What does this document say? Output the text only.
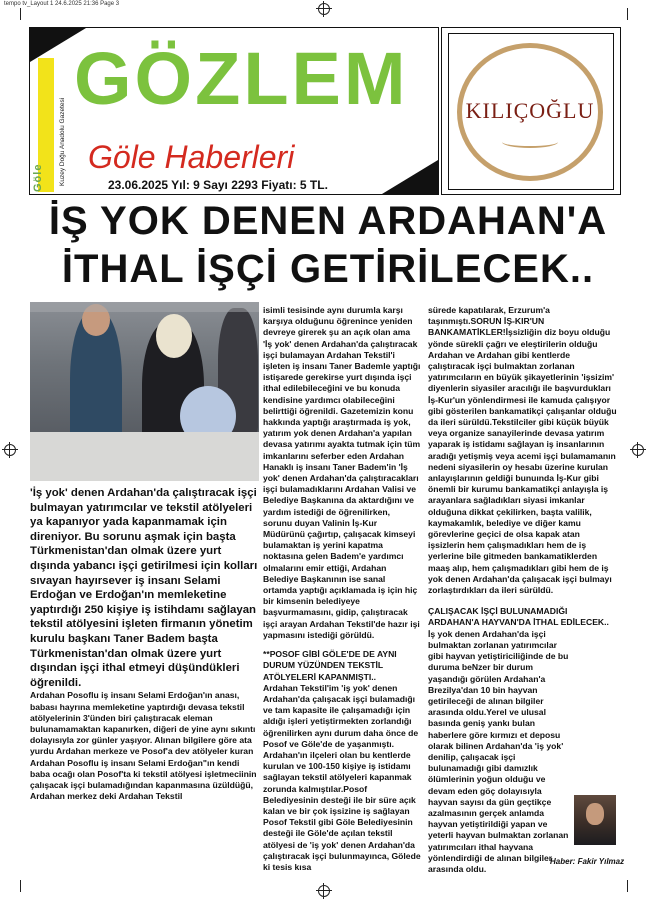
tempo tv_Layout 1 24.6.2025 21:36 Page 3
Göle Kuzey Doğu Anadolu Gazetesi
GÖZLEM
Göle Haberleri
23.06.2025 Yıl: 9 Sayı 2293 Fiyatı: 5 TL.
KILIÇOĞLU
İŞ YOK DENEN ARDAHAN'A
İTHAL İŞÇİ GETİRİLECEK..

'İş yok' denen Ardahan'da çalıştıracak işçi bulmayan yatırımcılar ve tekstil atölyeleri ya kapanıyor yada kapanmamak için direniyor. Bu sorunu aşmak için başta Türkmenistan'dan olmak üzere yurt dışında yabancı işçi getirilmesi için kolları sıvayan hayırsever iş insanı Selami Erdoğan ve Erdoğan'ın memleketine yaptırdığı 250 kişiye iş istihdamı sağlayan tekstil atölyesini işleten firmanın yönetim kurulu başkanı Taner Badem başta Türkmenistan'dan olmak üzere yurt dışından işçi ithal etmeyi düşündükleri öğrenildi.

Ardahan Posoflu iş insanı Selami Erdoğan'ın anası, babası hayrına memleketine yaptırdığı devasa tekstil atölyelerinin 3'ünden biri çalıştıracak eleman bulunamamaktan kapanırken, diğeri de yine aynı sıkıntı dolayısıyla zor günler yaşıyor. Alınan bilgilere göre ata yurdu Ardahan merkeze ve Posof'a dev atölyeler kuran Ardahan Posoflu iş insanı Selami Erdoğan"ın kendi baba ocağı olan Posof'ta ki tekstil atölyesi işletmeciinin çalışacak işçi bulamadığından kapanmasına üzüldüğü, Ardahan merkez deki Ardahan Tekstil

isimli tesisinde aynı durumla karşı karşıya olduğunu öğrenince yeniden devreye girerek şu an açık olan ama 'İş yok' denen Ardahan'da çalıştıracak işçi bulamayan Ardahan Tekstil'i işleten iş insanı Taner Bademle yaptığı istişarede gerekirse yurt dışında işçi ithal edilebileceğini ve bu konuda kendisine yardımcı olabileceğini belirttiği öğrenildi. Gazetemizin konu hakkında yaptığı araştırmada iş yok, yatırım yok denen Ardahan'a yapılan devasa yatırımı ayakta tutmak için tüm imkanlarını seferber eden Ardahan Hanaklı iş insanı Taner Badem'in 'İş yok' denen Ardahan'da çalıştıracakları işçi bulamadıklarını Ardahan Valisi ve Belediye Başkanına da aktardığını ve yardım istediği de öğrenilirken, sorunu duyan Valinin İş-Kur Müdürünü çağırtıp, çalışacak kimseyi bulamaktan iş yerini kapatma noktasına gelen Badem'e yardımcı olmalarını emir ettiği, Ardahan Belediye Başkanının ise sanal ortamda yaptığı açıklamada iş için hiç bir kimsenin belediyeye başvurmamasını, gidip, çalıştıracak işçi arayan Ardahan Tekstil'de hazır işi yapmasını istediği görüldü.

**POSOF GİBİ GÖLE'DE DE AYNI DURUM YÜZÜNDEN TEKSTİL ATÖLYELERİ KAPANMIŞTI..

Ardahan Tekstil'im 'iş yok' denen Ardahan'da çalışacak işçi bulamadığı ve tam kapasite ile çalışamadığı için aldığı işleri yetiştirmekten zorlandığı öğrenilirken aynı durum daha önce de Posof ve Göle'de de yaşanmıştı. Ardahan'ın ilçeleri olan bu kentlerde kurulan ve 100-150 kişiye iş istidamı sağlayan tekstil atölyeleri kapanmak zorunda kalmıştılar.Posof Belediyesinin desteği ile bir süre açık kalan ve bir çok işsizine iş sağlayan Posof Tekstil gibi Göle Belediyesinin desteği ile Göle'de açılan tekstil atölyesi de 'iş yok' denen Ardahan'da çalıştıracak işçi bulunmayınca, Gölede ki tesis kısa

sürede kapatılarak, Erzurum'a taşınmıştı.SORUN İŞ-KIR'UN BANKAMATİKLER!İşsizliğin diz boyu olduğu yönde sürekli çağrı ve eleştirilerin olduğu Ardahan ve Ardahan gibi kentlerde çalıştıracak işçi bulmaktan zorlanan yatırımcıların en büyük şikayetlerinin 'işsizim' diyenlerin siyasiler aracılığı ile başvurdukları İş-Kur'un yönlendirmesi ile kamuda çalışıyor gibi gösterilen bankamatikçi çalışanlar olduğu da ileri sürüldü.Tekstilciler gibi küçük büyük veya organize sanayilerinde devasa yatırım yaparak iş istidamı sağlayan iş insanlarının aradığı yetişmiş veya acemi işçi bulamamanın nedeni siyasilerin oy hesabı üzerine kurulan anlayışlarının geldiği bunuında İş-Kur gibi önemli bir kurumu bankamatikçi anlayışla iş arayanlara sağladıkları siyasi imkanlar olduğuna dikkat çekilirken, başta valilik, kaymakamlık, belediye ve diğer kamu görevlerine geçici de olsa kapak atan işsizlerin hem çalışmadıkları hem de iş yerlerine bile gitmeden bankamatiklerden maaş alıp, hem çalışmadıkları gibi hem de iş yok denen Ardahan'da çalışacak işçi bulmayı zorlaştırdıkları da ileri sürüldü.

ÇALIŞACAK İŞÇİ BULUNAMADIĞI ARDAHAN'A HAYVAN'DA İTHAL EDİLECEK..

İş yok denen Ardahan'da işçi bulmaktan zorlanan yatırımcılar gibi hayvan yetiştiriciliğinde de bu duruma beNzer bir durum yaşandığı görülen Ardahan'a Brezilya'dan 10 bin hayvan getirileceği de alınan bilgiler arasında oldu.Yerel ve ulusal basında geniş yankı bulan haberlere göre kırmızı et deposu olarak bilinen Ardahan'da 'iş yok' denilip, çalışacak işçi bulunamadığı gibi damızlık ölümlerinin yoğun olduğu ve devam eden göç dolayısıyla hayvan sayısı da gün geçtikçe azalmasının gerçek anlamda hayvan yetiştirildiği yapan ve yeterli hayvan bulmaktan zorlanan yatırımcıları ithal hayvana yönlendirdiği de alınan bilgiler arasında oldu.

Haber: Fakir Yılmaz
